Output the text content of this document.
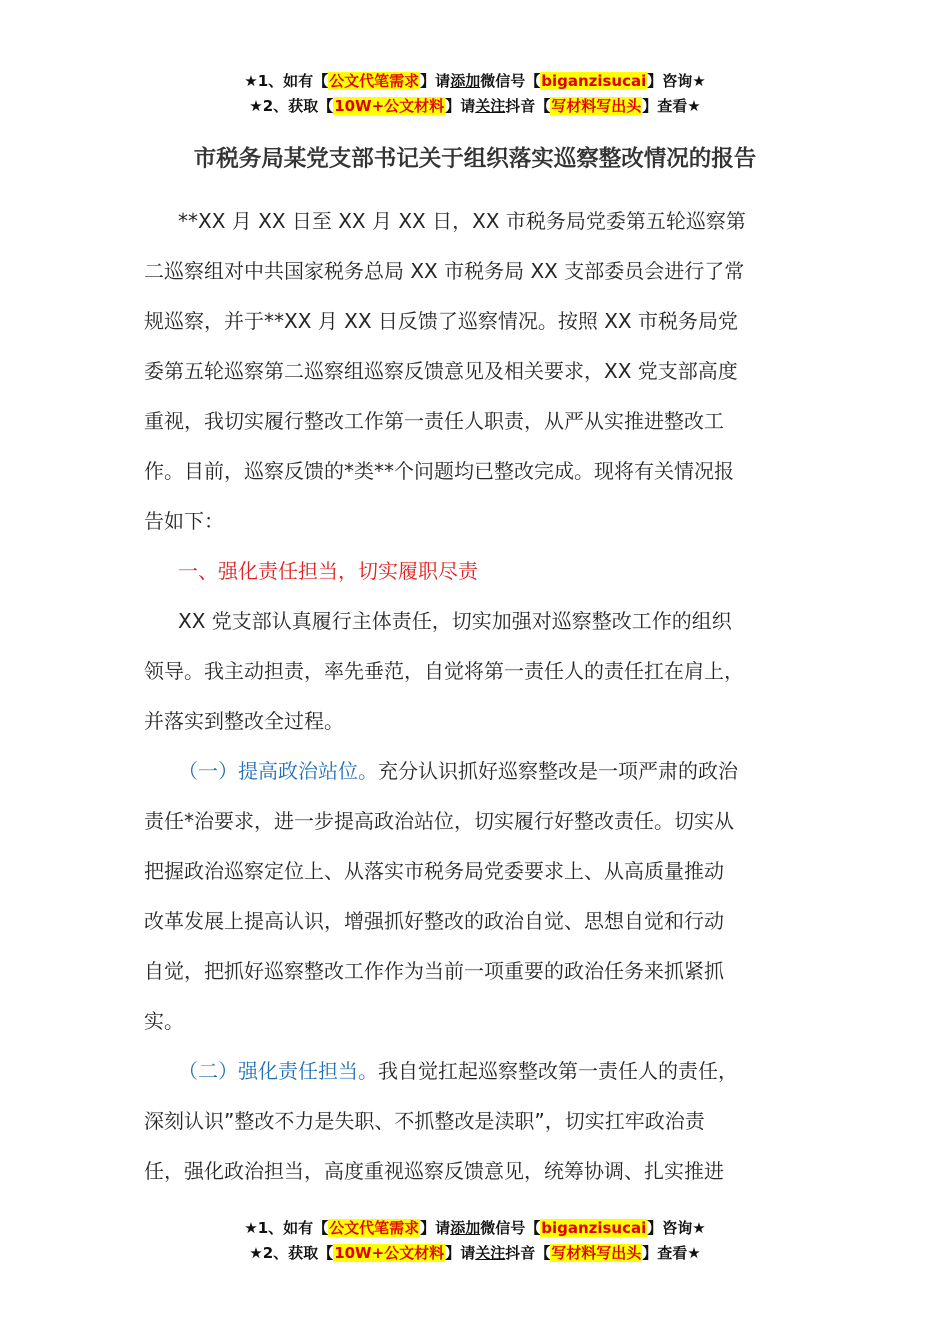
★1、如有【公文代笔需求】请添加微信号【biganzisucai】咨询★
★2、获取【10W+公文材料】请关注抖音【写材料写出头】查看★
市税务局某党支部书记关于组织落实巡察整改情况的报告
**XX 月 XX 日至 XX 月 XX 日，XX 市税务局党委第五轮巡察第
二巡察组对中共国家税务总局 XX 市税务局 XX 支部委员会进行了常
规巡察，并于**XX 月 XX 日反馈了巡察情况。按照 XX 市税务局党
委第五轮巡察第二巡察组巡察反馈意见及相关要求，XX 党支部高度
重视，我切实履行整改工作第一责任人职责，从严从实推进整改工
作。目前，巡察反馈的*类**个问题均已整改完成。现将有关情况报
告如下：
一、强化责任担当，切实履职尽责
XX 党支部认真履行主体责任，切实加强对巡察整改工作的组织
领导。我主动担责，率先垂范，自觉将第一责任人的责任扛在肩上，
并落实到整改全过程。
（一）提高政治站位。充分认识抓好巡察整改是一项严肃的政治
责任*治要求，进一步提高政治站位，切实履行好整改责任。切实从
把握政治巡察定位上、从落实市税务局党委要求上、从高质量推动
改革发展上提高认识，增强抓好整改的政治自觉、思想自觉和行动
自觉，把抓好巡察整改工作作为当前一项重要的政治任务来抓紧抓
实。
（二）强化责任担当。我自觉扛起巡察整改第一责任人的责任，
深刻认识”整改不力是失职、不抓整改是渎职”，切实扛牢政治责
任，强化政治担当，高度重视巡察反馈意见，统筹协调、扎实推进
★1、如有【公文代笔需求】请添加微信号【biganzisucai】咨询★
★2、获取【10W+公文材料】请关注抖音【写材料写出头】查看★
